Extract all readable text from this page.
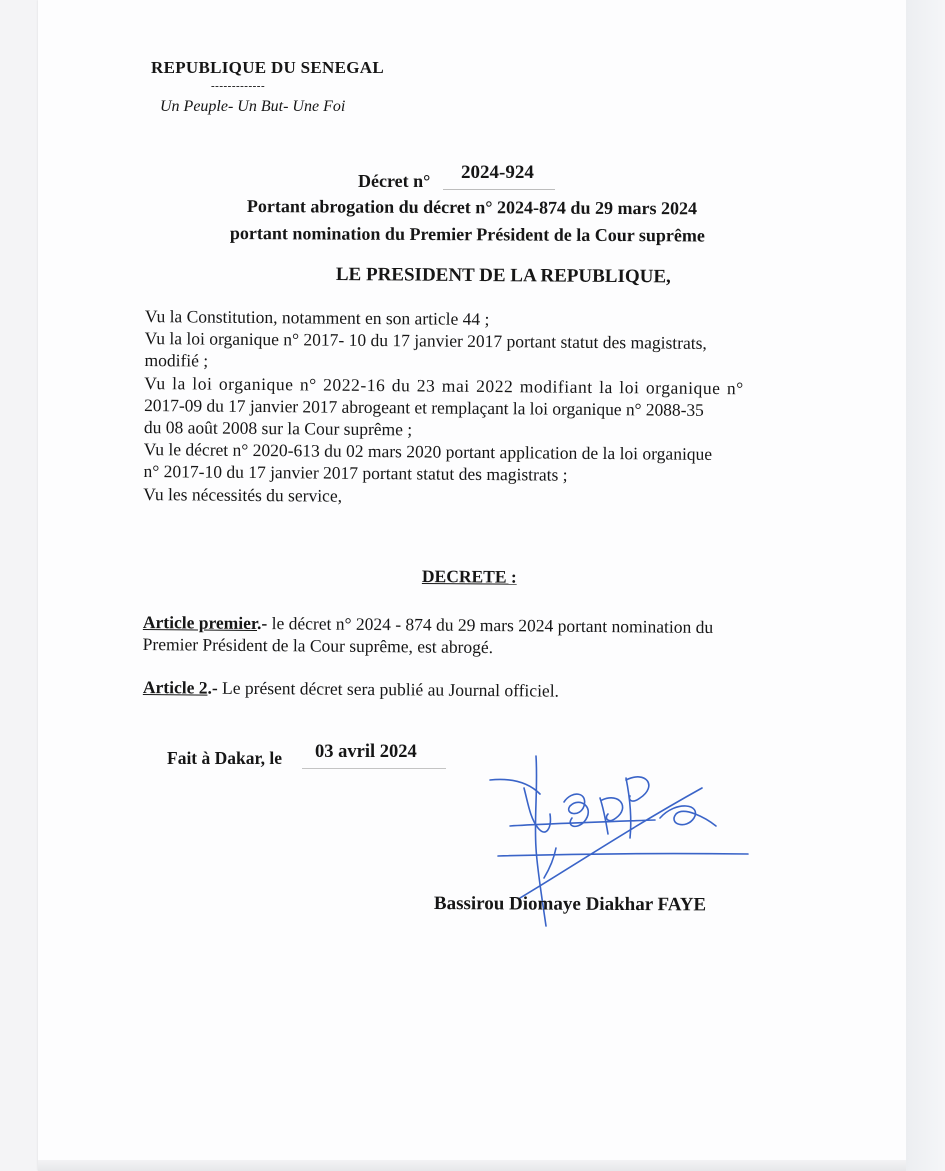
REPUBLIQUE DU SENEGAL
-------------
Un Peuple- Un But- Une Foi
Décret n° 2024-924
Portant abrogation du décret n° 2024-874 du 29 mars 2024
portant nomination du Premier Président de la Cour suprême
LE PRESIDENT DE LA REPUBLIQUE,
Vu la Constitution, notamment en son article 44 ;
Vu la loi organique n° 2017- 10 du 17 janvier 2017 portant statut des magistrats,
modifié ;
Vu la loi organique n° 2022-16 du 23 mai 2022 modifiant la loi organique n°
2017-09 du 17 janvier 2017 abrogeant et remplaçant la loi organique n° 2088-35
du 08 août 2008 sur la Cour suprême ;
Vu le décret n° 2020-613 du 02 mars 2020 portant application de la loi organique
n° 2017-10 du 17 janvier 2017 portant statut des magistrats ;
Vu les nécessités du service,
DECRETE :
Article premier.- le décret n° 2024 - 874 du 29 mars 2024 portant nomination du
Premier Président de la Cour suprême, est abrogé.
Article 2.- Le présent décret sera publié au Journal officiel.
Fait à Dakar, le 03 avril 2024
Bassirou Diomaye Diakhar FAYE
